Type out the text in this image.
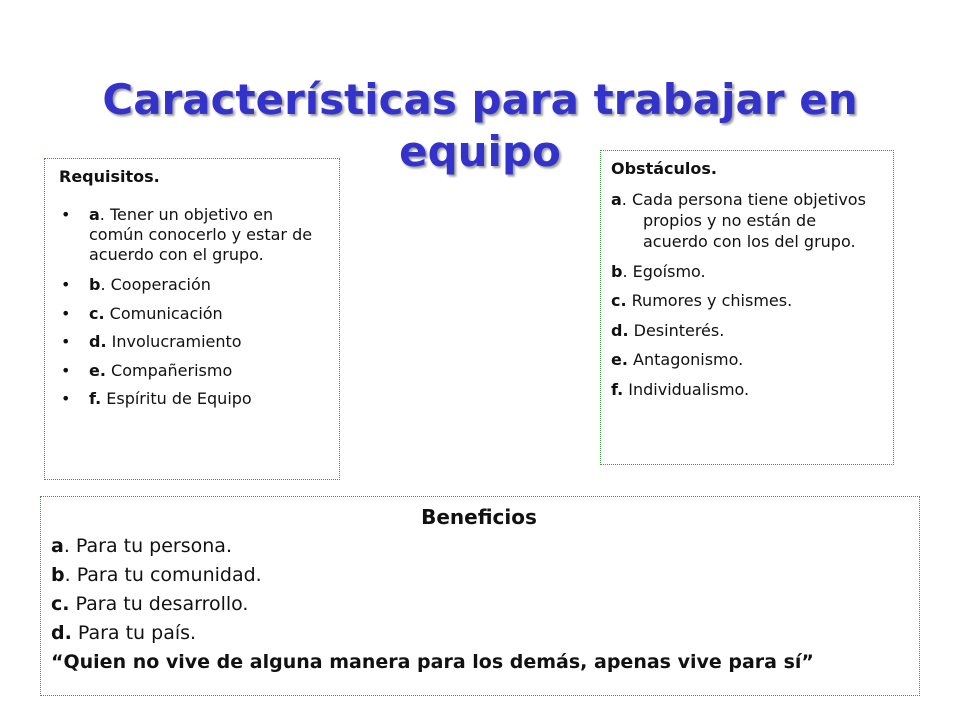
Características para trabajar en equipo
Requisitos.
• a. Tener un objetivo en común conocerlo y estar de acuerdo con el grupo.
• b. Cooperación
• c. Comunicación
• d. Involucramiento
• e. Compañerismo
• f. Espíritu de Equipo
Obstáculos.
a. Cada persona tiene objetivos propios y no están de acuerdo con los del grupo.
b. Egoísmo.
c. Rumores y chismes.
d. Desinterés.
e. Antagonismo.
f. Individualismo.
Beneficios
a. Para tu persona.
b. Para tu comunidad.
c. Para tu desarrollo.
d. Para tu país.
“Quien no vive de alguna manera para los demás, apenas vive para sí”
